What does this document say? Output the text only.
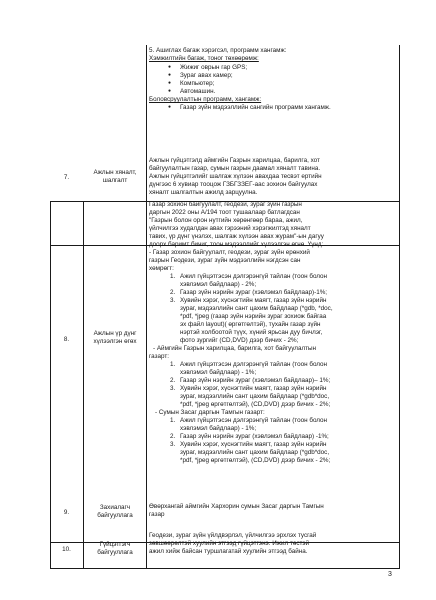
5. Ашиглах багаж хэрэгсэл, программ хангамж:
Хэмжилтийн багаж, тоног төхөөрөмж:
● Жижиг оврын гар GPS;
● Зураг авах камер;
● Компьютер;
● Автомашин.
Боловсруулалтын программ, хангамж:
● Газар зүйн мэдээллийн сангийн программ хангамж.
7.
Ажлын хяналт,
шалгалт
Ажлын гүйцэтгэлд аймгийн Газрын харилцаа, барилга, хот
байгуулалтын газар, сумын газрын даамал хяналт тавина.
Ажлын гүйцэтгэлийг шалгаж хүлээн авахдаа тесвэт ертийн
дүнгээс 6 хувиар тооцож ГЗБГЗЗЕГ-аас зохион байгуулах
хяналт шалгалтын ажилд зарцуулна.
8.
Ажлын үр дүнг
хүлээлгэн өгөх
Газар зохион байгуулалт, геодези, зураг зүйн газрын
даргын 2022 оны А/194 тоот тушаалаар батлагдсан
"Газрын болон орон нутгийн хөрөнгөөр бараа, ажил,
үйлчилгээ худалдан авах гэрээний хэрэгжилтэд хяналт
тавих, үр дүнг үнэлэх, шалгаж хүлээн авах журам"-ын дагуу
доорх баримт бичиг, тоон мэдээллийг хүлээлгэн өгнө. Үүнд:
- Газар зохион байгуулалт, геодези, зураг зүйн ерөнхий
газрын Геодези, зураг зүйн мэдээллийн нэгдсэн сан
хөмрөгт:
1. Ажил гүйцэтгэсэн дэлгэрэнгүй тайлан (тоон болон
хэвлэмэл байдлаар) - 2%;
2. Газар зүйн нэрийн зураг (хэвлэмэл байдлаар)-1%;
3. Хувийн хэрэг, хүснэгтийн маягт, газар зүйн нэрийн
зураг, мэдээллийн сант цахим байдлаар (*gdb, *doc,
*pdf, *jpeg (газар зүйн нэрийн зураг зохиож байгаа
эх файл layout)( өргөтгөлтэй), тухайн газар зүйн
нэртэй холбоотой түүх, хүний ярьсан дуу бичлэг,
фото зургийг (CD,DVD) дээр бичих - 2%;
- Аймгийн Газрын харилцаа, барилга, хот байгуулалтын
газарт:
1. Ажил гүйцэтгэсэн дэлгэрэнгүй тайлан (тоон болон
хэвлэмэл байдлаар) - 1%;
2. Газар зүйн нэрийн зураг (хэвлэмэл байдлаар)– 1%;
3. Хувийн хэрэг, хүснэгтийн маягт, газар зүйн нэрийн
зураг, мэдээллийн сант цахим байдлаар (*gdb*doc,
*pdf, *jpeg өргөтгөлтэй), (CD,DVD) дээр бичих - 2%;
- Сумын Засаг даргын Тамгын газарт:
1. Ажил гүйцэтгэсэн дэлгэрэнгүй тайлан (тоон болон
хэвлэмэл байдлаар) - 1%;
2. Газар зүйн нэрийн зураг (хэвлэмэл байдлаар) -1%;
3. Хувийн хэрэг, хүснэгтийн маягт, газар зүйн нэрийн
зураг, мэдээллийн сант цахим байдлаар (*gdb*doc,
*pdf, *jpeg өргөтгөлтэй), (CD,DVD) дээр бичих - 2%;
9.
Захиалагч
байгууллага
Өвөрхангай аймгийн Хархорин сумын Засаг даргын Тамгын
газар
10.
Гүйцэтгэгч
байгууллага
Геодези, зураг зүйн үйлдвэрлэл, үйлчилгээ эрхлэх тусгай
зөвшөөрөлтэй хуулийн этгээд гүйцэтгэнэ. Ижил төстэй
ажил хийж байсан туршлагатай хуулийн этгээд байна.
3
